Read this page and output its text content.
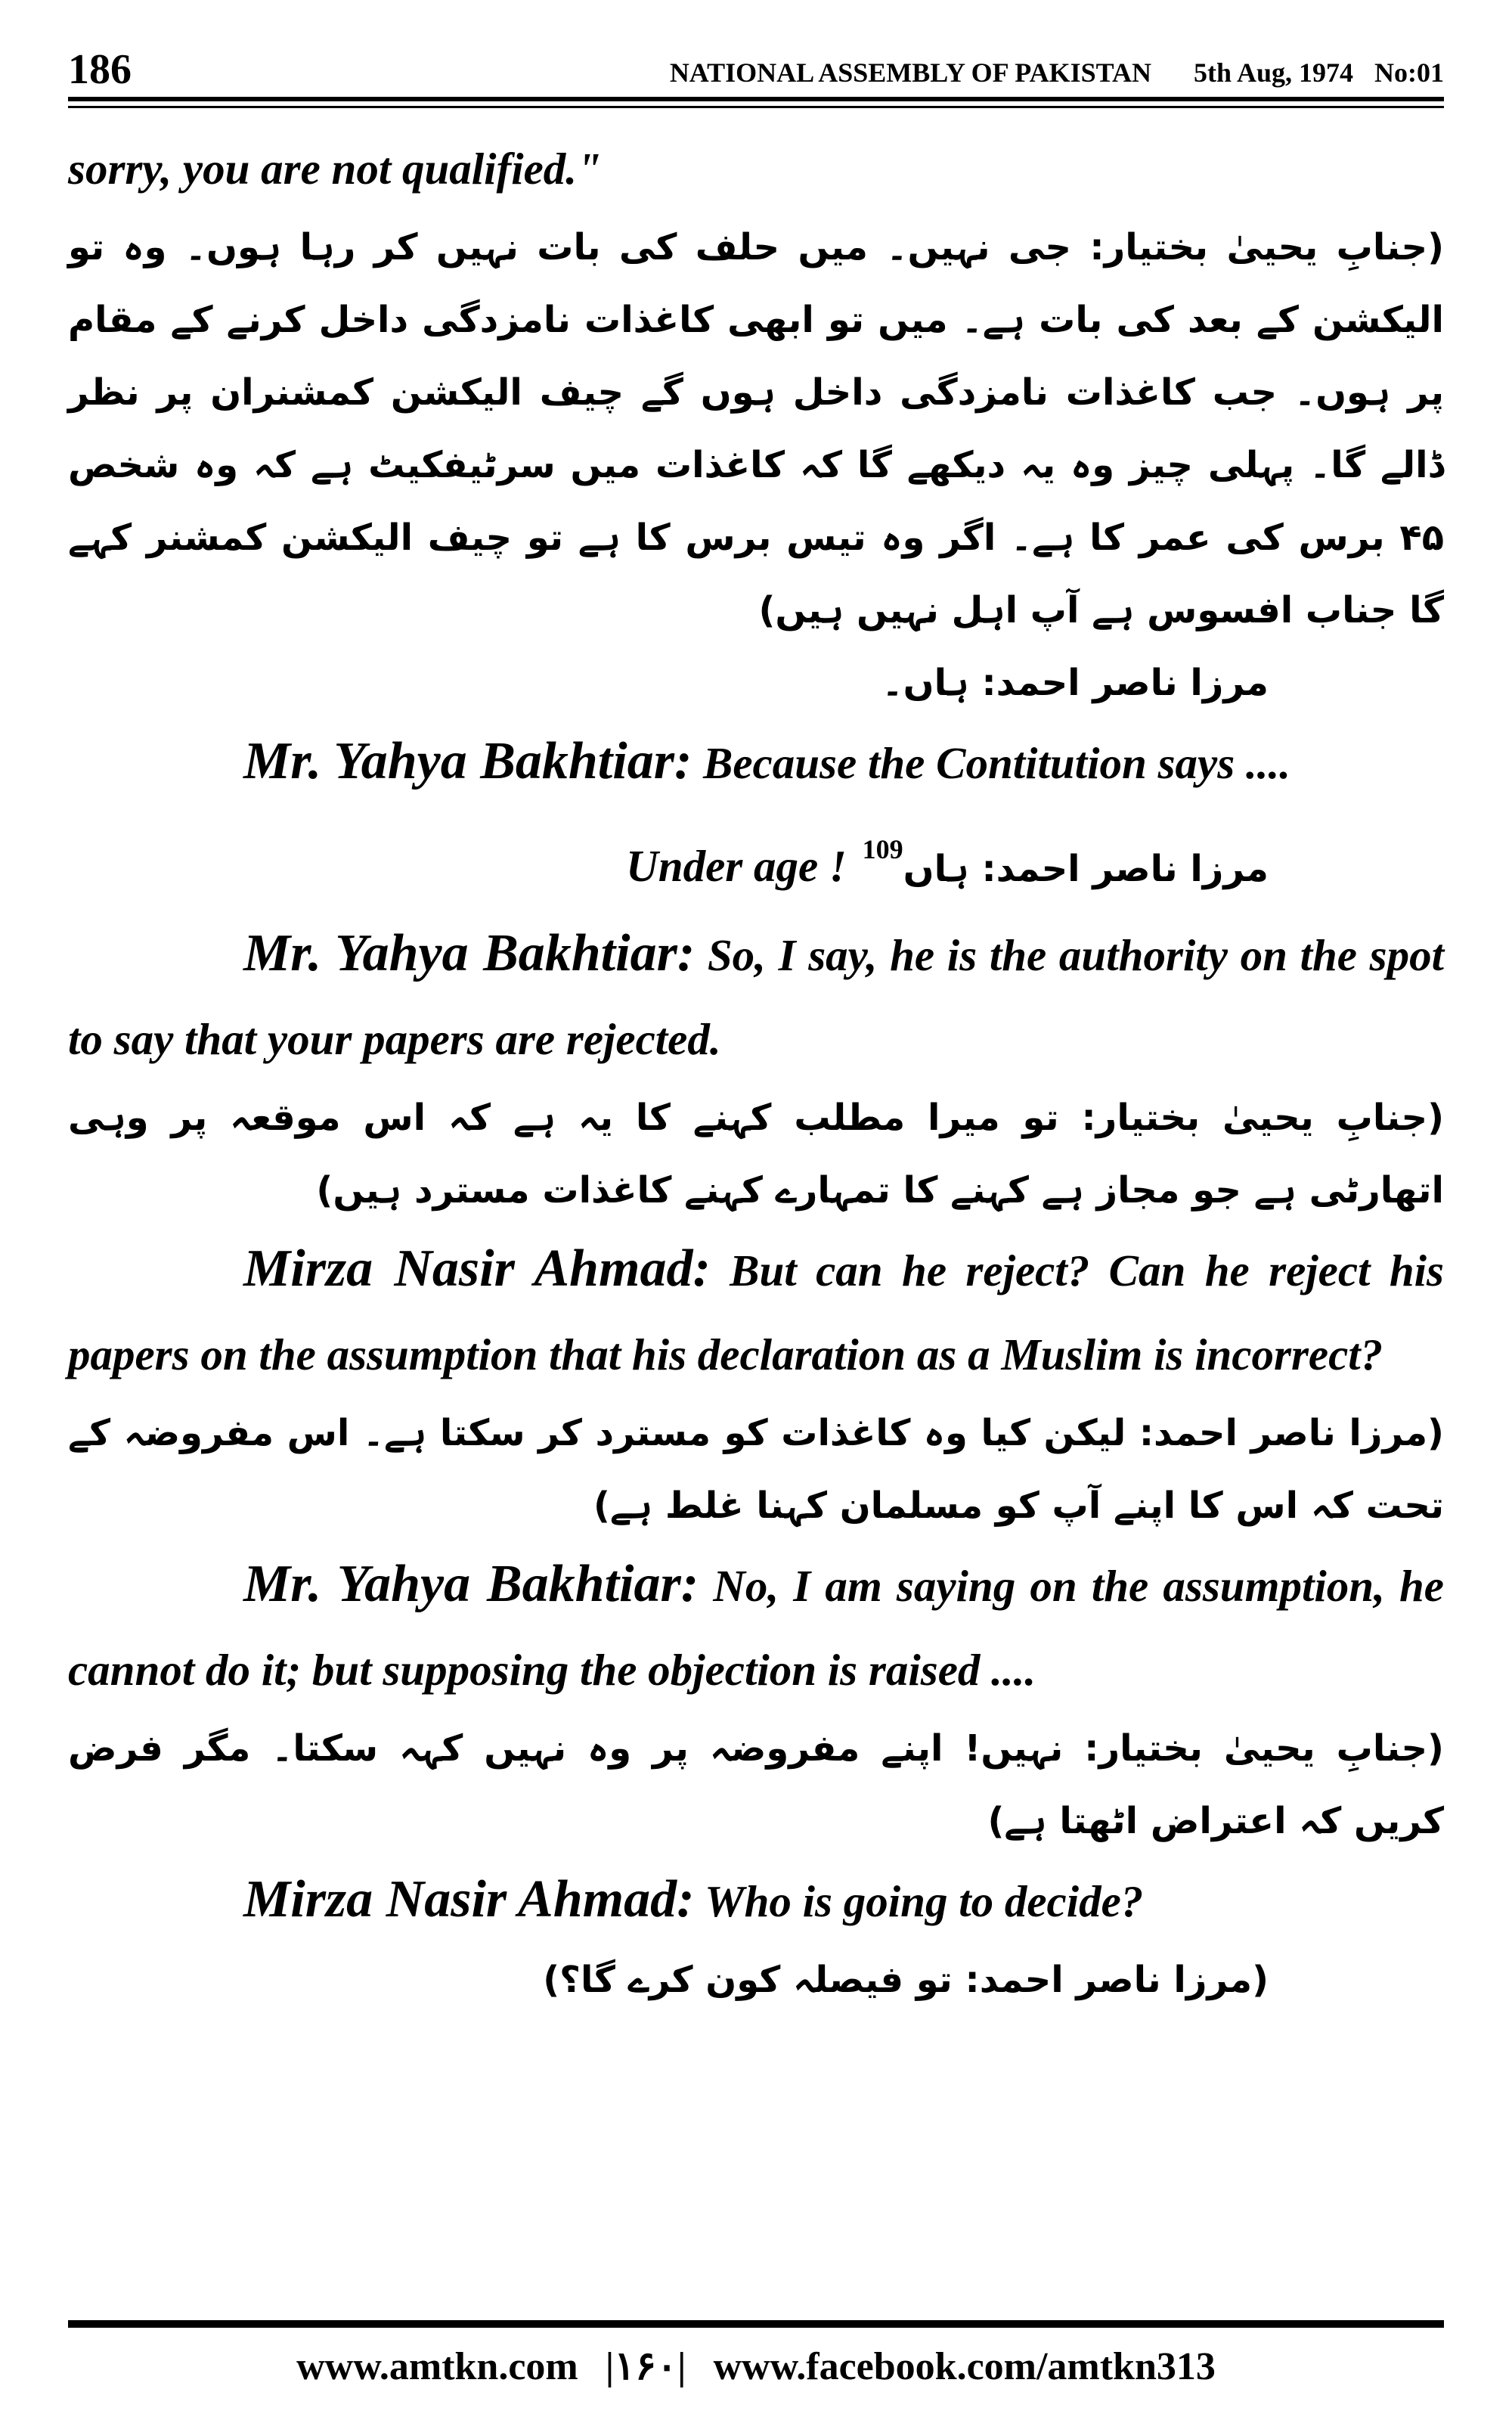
186	NATIONAL ASSEMBLY OF PAKISTAN 5th Aug, 1974 No:01

sorry, you are not qualified."

(جنابِ یحییٰ بختیار: جی نہیں۔ میں حلف کی بات نہیں کر رہا ہوں۔ وہ تو الیکشن کے بعد کی بات ہے۔ میں تو ابھی کاغذات نامزدگی داخل کرنے کے مقام پر ہوں۔ جب کاغذات نامزدگی داخل ہوں گے چیف الیکشن کمشنران پر نظر ڈالے گا۔ پہلی چیز وہ یہ دیکھے گا کہ کاغذات میں سرٹیفکیٹ ہے کہ وہ شخص ۴۵ برس کی عمر کا ہے۔ اگر وہ تیس برس کا ہے تو چیف الیکشن کمشنر کہے گا جناب افسوس ہے آپ اہل نہیں ہیں)

مرزا ناصر احمد: ہاں۔

Mr. Yahya Bakhtiar: Because the Contitution says ....

Under age ! مرزا ناصر احمد: ہاں$^{109}$

Mr. Yahya Bakhtiar: So, I say, he is the authority on the spot to say that your papers are rejected.

(جنابِ یحییٰ بختیار: تو میرا مطلب کہنے کا یہ ہے کہ اس موقعہ پر وہی اتھارٹی ہے جو مجاز ہے کہنے کا تمہارے کہنے کاغذات مسترد ہیں)

Mirza Nasir Ahmad: But can he reject? Can he reject his papers on the assumption that his declaration as a Muslim is incorrect?

(مرزا ناصر احمد: لیکن کیا وہ کاغذات کو مسترد کر سکتا ہے۔ اس مفروضہ کے تحت کہ اس کا اپنے آپ کو مسلمان کہنا غلط ہے)

Mr. Yahya Bakhtiar: No, I am saying on the assumption, he cannot do it; but supposing the objection is raised ....

(جنابِ یحییٰ بختیار: نہیں! اپنے مفروضہ پر وہ نہیں کہہ سکتا۔ مگر فرض کریں کہ اعتراض اٹھتا ہے)

Mirza Nasir Ahmad: Who is going to decide?

(مرزا ناصر احمد: تو فیصلہ کون کرے گا؟)

www.amtkn.com |۱۶۰| www.facebook.com/amtkn313
